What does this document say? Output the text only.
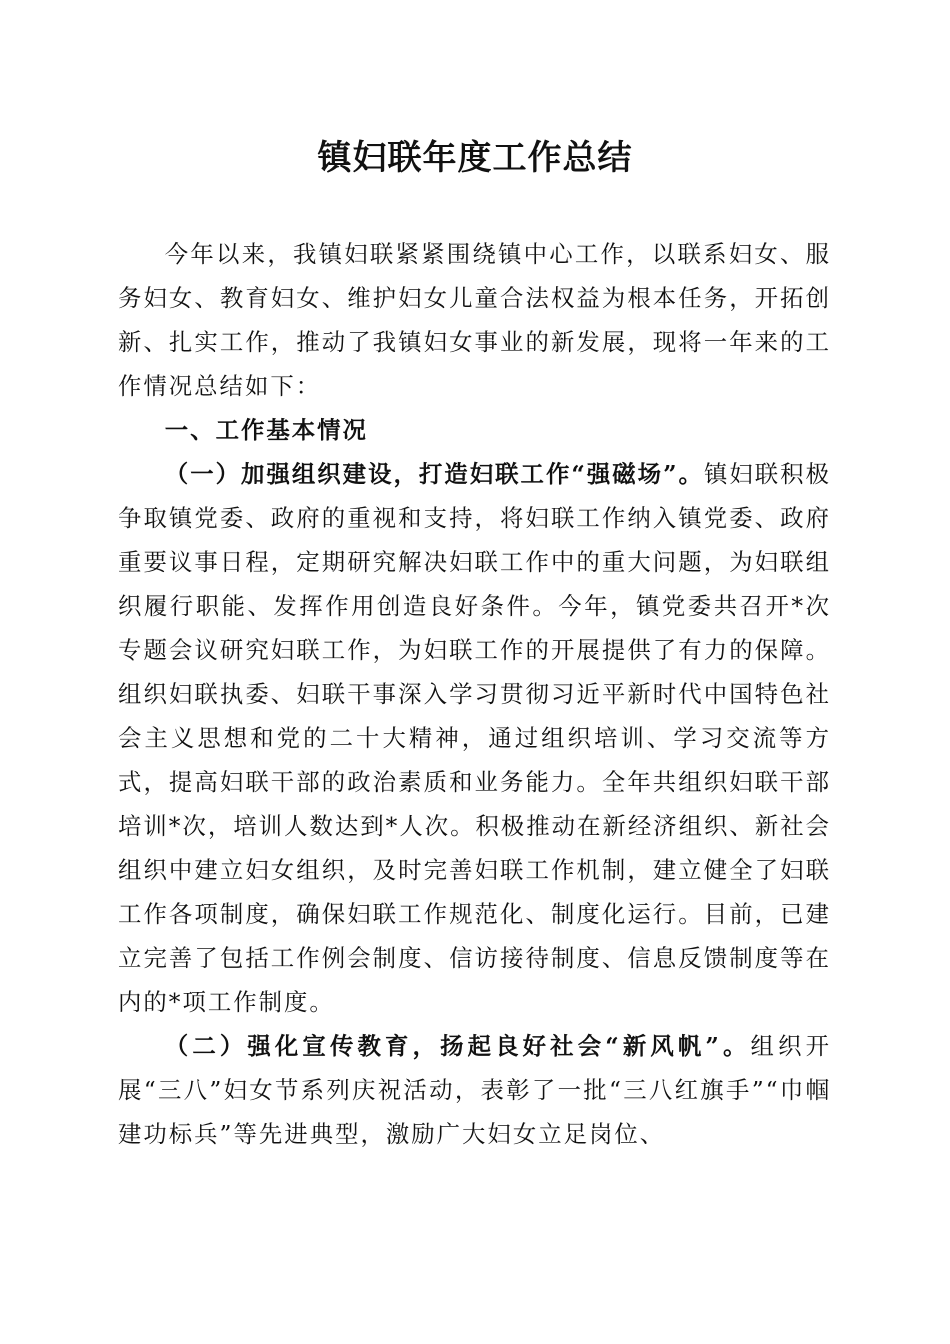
镇妇联年度工作总结

今年以来，我镇妇联紧紧围绕镇中心工作，以联系妇女、服务妇女、教育妇女、维护妇女儿童合法权益为根本任务，开拓创新、扎实工作，推动了我镇妇女事业的新发展，现将一年来的工作情况总结如下：

一、工作基本情况

（一）加强组织建设，打造妇联工作“强磁场”。镇妇联积极争取镇党委、政府的重视和支持，将妇联工作纳入镇党委、政府重要议事日程，定期研究解决妇联工作中的重大问题，为妇联组织履行职能、发挥作用创造良好条件。今年，镇党委共召开*次专题会议研究妇联工作，为妇联工作的开展提供了有力的保障。组织妇联执委、妇联干事深入学习贯彻习近平新时代中国特色社会主义思想和党的二十大精神，通过组织培训、学习交流等方式，提高妇联干部的政治素质和业务能力。全年共组织妇联干部培训*次，培训人数达到*人次。积极推动在新经济组织、新社会组织中建立妇女组织，及时完善妇联工作机制，建立健全了妇联工作各项制度，确保妇联工作规范化、制度化运行。目前，已建立完善了包括工作例会制度、信访接待制度、信息反馈制度等在内的*项工作制度。

（二）强化宣传教育，扬起良好社会“新风帆”。组织开展“三八”妇女节系列庆祝活动，表彰了一批“三八红旗手”“巾帼建功标兵”等先进典型，激励广大妇女立足岗位、
